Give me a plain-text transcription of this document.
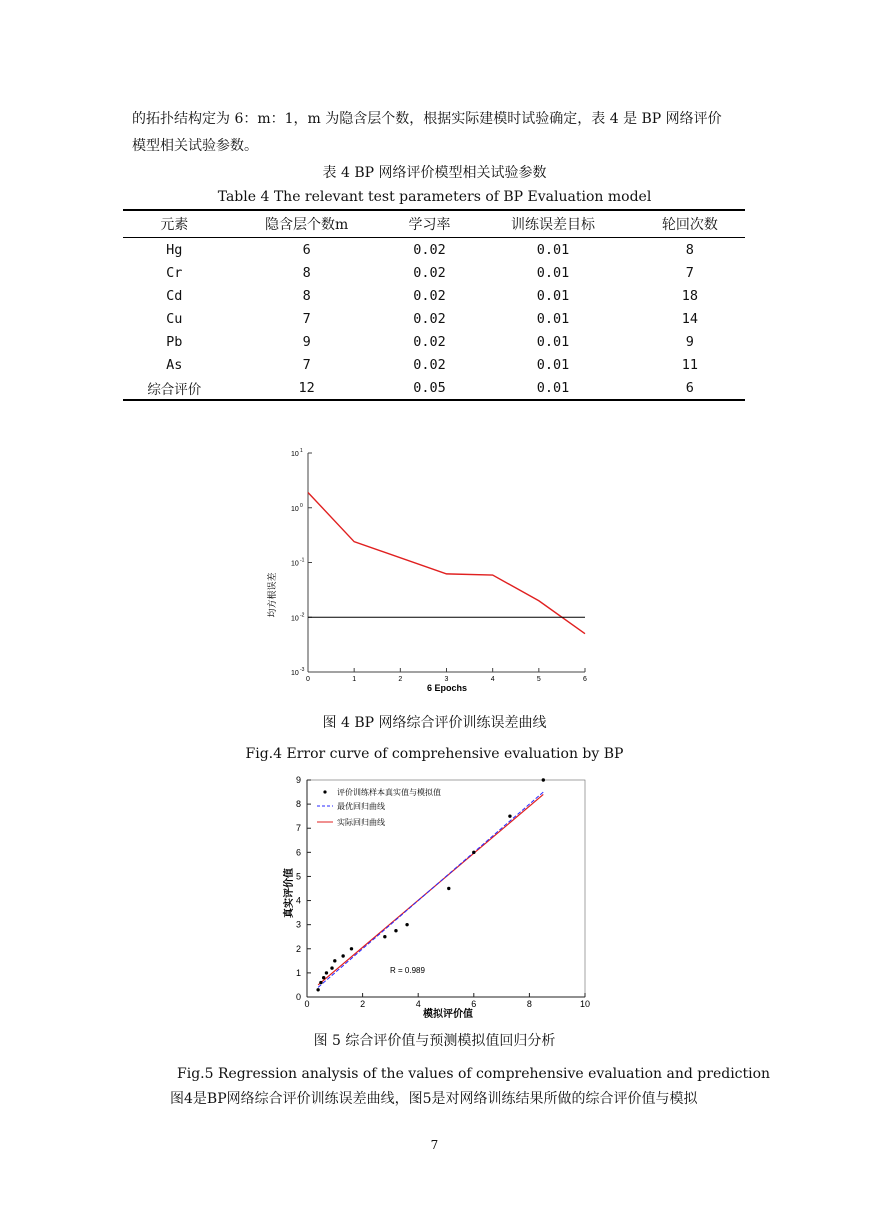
的拓扑结构定为 6：m：1，m 为隐含层个数，根据实际建模时试验确定，表 4 是 BP 网络评价
模型相关试验参数。
表 4 BP 网络评价模型相关试验参数
Table 4 The relevant test parameters of BP Evaluation model
元素	隐含层个数m	学习率	训练误差目标	轮回次数
Hg	6	0.02	0.01	8
Cr	8	0.02	0.01	7
Cd	8	0.02	0.01	18
Cu	7	0.02	0.01	14
Pb	9	0.02	0.01	9
As	7	0.02	0.01	11
综合评价	12	0.05	0.01	6
均方根误差
6 Epochs
10 1
10 0
10 -1
10 -2
10 -3
0	1	2	3	4	5	6
图 4 BP 网络综合评价训练误差曲线
Fig.4 Error curve of comprehensive evaluation by BP
真实评价值
模拟评价值
R = 0.989
评价训练样本真实值与模拟值
最优回归曲线
实际回归曲线
0
1
2
3
4
5
6
7
8
9
0	2	4	6	8	10
图 5 综合评价值与预测模拟值回归分析
Fig.5 Regression analysis of the values of comprehensive evaluation and prediction
图4是BP网络综合评价训练误差曲线，图5是对网络训练结果所做的综合评价值与模拟
7
